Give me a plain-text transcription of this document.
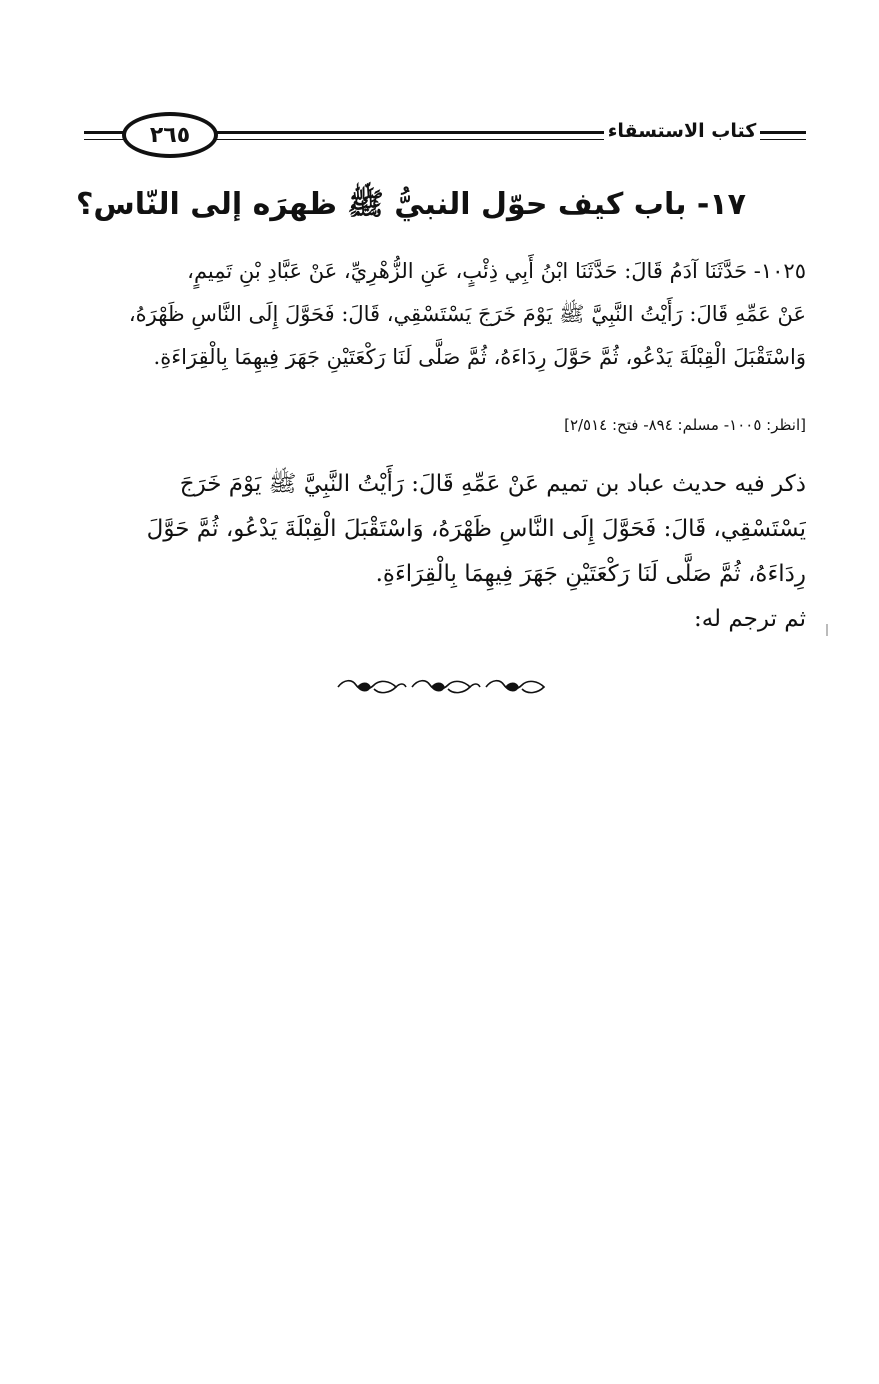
٢٦٥	كتاب الاستسقاء
١٧- باب كيف حوّل النبيُّ ﷺ ظهرَه إلى النّاس؟
١٠٢٥- حَدَّثَنَا آدَمُ قَالَ: حَدَّثَنَا ابْنُ أَبِي ذِئْبٍ، عَنِ الزُّهْرِيِّ، عَنْ عَبَّادِ بْنِ تَمِيمٍ،
عَنْ عَمِّهِ قَالَ: رَأَيْتُ النَّبِيَّ ﷺ يَوْمَ خَرَجَ يَسْتَسْقِي، قَالَ: فَحَوَّلَ إِلَى النَّاسِ ظَهْرَهُ،
وَاسْتَقْبَلَ الْقِبْلَةَ يَدْعُو، ثُمَّ حَوَّلَ رِدَاءَهُ، ثُمَّ صَلَّى لَنَا رَكْعَتَيْنِ جَهَرَ فِيهِمَا بِالْقِرَاءَةِ.
[انظر: ١٠٠٥- مسلم: ٨٩٤- فتح: ٢/٥١٤]
ذكر فيه حديث عباد بن تميم عَنْ عَمِّهِ قَالَ: رَأَيْتُ النَّبِيَّ ﷺ يَوْمَ خَرَجَ
يَسْتَسْقِي، قَالَ: فَحَوَّلَ إِلَى النَّاسِ ظَهْرَهُ، وَاسْتَقْبَلَ الْقِبْلَةَ يَدْعُو، ثُمَّ حَوَّلَ
رِدَاءَهُ، ثُمَّ صَلَّى لَنَا رَكْعَتَيْنِ جَهَرَ فِيهِمَا بِالْقِرَاءَةِ.
ثم ترجم له:
